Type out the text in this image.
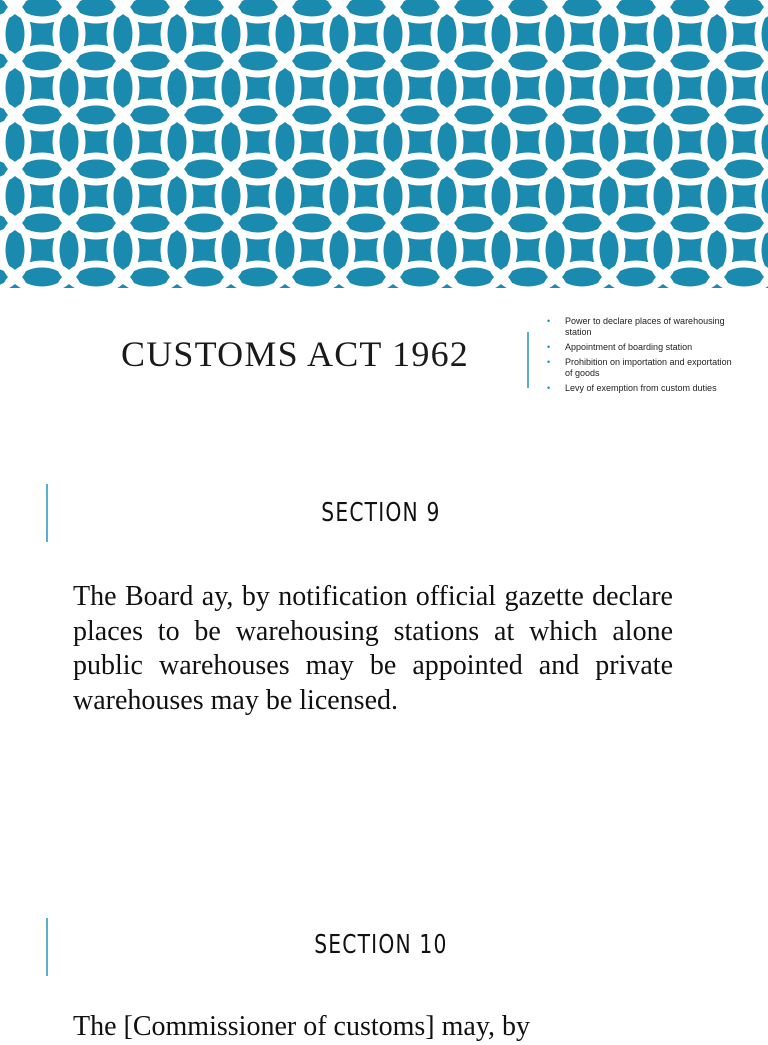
CUSTOMS ACT 1962
• Power to declare places of warehousing station
• Appointment of boarding station
• Prohibition on importation and exportation of goods
• Levy of exemption from custom duties
SECTION 9

The Board ay, by notification official gazette declare places to be warehousing stations at which alone public warehouses may be appointed and private warehouses may be licensed.

SECTION 10

The [Commissioner of customs] may, by
